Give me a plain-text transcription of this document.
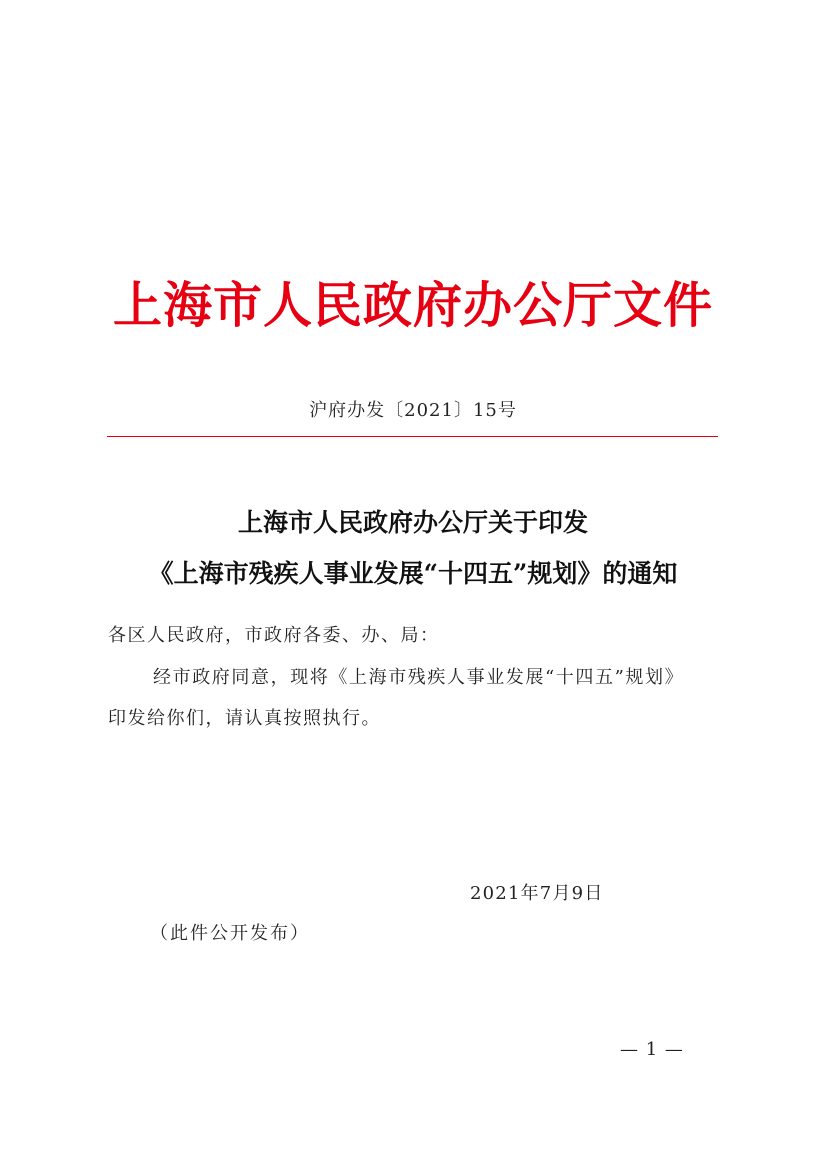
上海市人民政府办公厅文件
沪府办发〔2021〕15号
上海市人民政府办公厅关于印发
《上海市残疾人事业发展“十四五”规划》的通知
各区人民政府，市政府各委、办、局：
经市政府同意，现将《上海市残疾人事业发展“十四五”规划》
印发给你们，请认真按照执行。
2021年7月9日
（此件公开发布）
— 1 —
